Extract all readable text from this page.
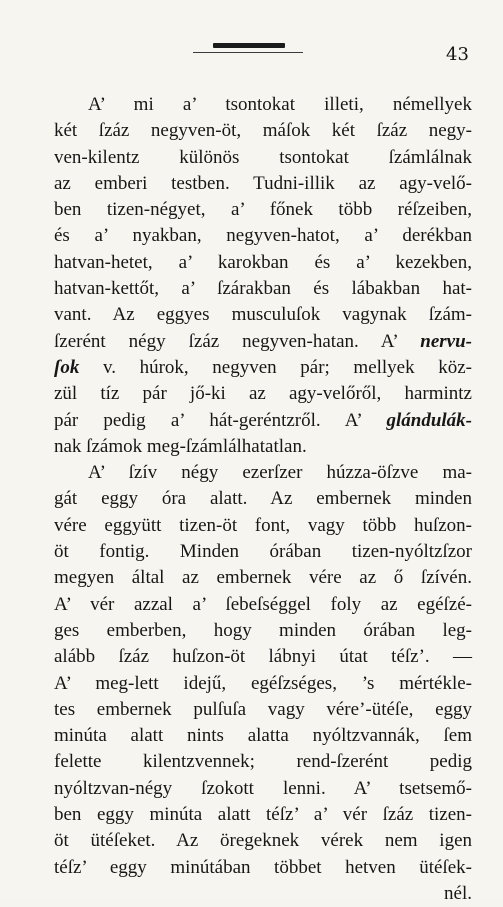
43
A’ mi a’ tsontokat illeti, némellyek
két ſzáz negyven-öt, máſok két ſzáz negy-
ven-kilentz különös tsontokat ſzámlálnak
az emberi testben. Tudni-illik az agy-velő-
ben tizen-négyet, a’ főnek több réſzeiben,
és a’ nyakban, negyven-hatot, a’ derékban
hatvan-hetet, a’ karokban és a’ kezekben,
hatvan-kettőt, a’ ſzárakban és lábakban hat-
vant. Az eggyes musculuſok vagynak ſzám-
ſzerént négy ſzáz negyven-hatan. A’ nervu-
ſok v. húrok, negyven pár; mellyek köz-
zül tíz pár jő-ki az agy-velőről, harmintz
pár pedig a’ hát-geréntzről. A’ glándulák-
nak ſzámok meg-ſzámlálhatatlan.
A’ ſzív négy ezerſzer húzza-öſzve ma-
gát eggy óra alatt. Az embernek minden
vére eggyütt tizen-öt font, vagy több huſzon-
öt fontig. Minden órában tizen-nyóltzſzor
megyen által az embernek vére az ő ſzívén.
A’ vér azzal a’ ſebeſséggel foly az egéſzé-
ges emberben, hogy minden órában leg-
alább ſzáz huſzon-öt lábnyi útat téſz’. —
A’ meg-lett idejű, egéſzséges, ’s mértékle-
tes embernek pulſuſa vagy vére’-ütéſe, eggy
minúta alatt nints alatta nyóltzvannák, ſem
felette kilentzvennek; rend-ſzerént pedig
nyóltzvan-négy ſzokott lenni. A’ tsetsemő-
ben eggy minúta alatt téſz’ a’ vér ſzáz tizen-
öt ütéſeket. Az öregeknek vérek nem igen
téſz’ eggy minútában többet hetven ütéſek-
nél.
